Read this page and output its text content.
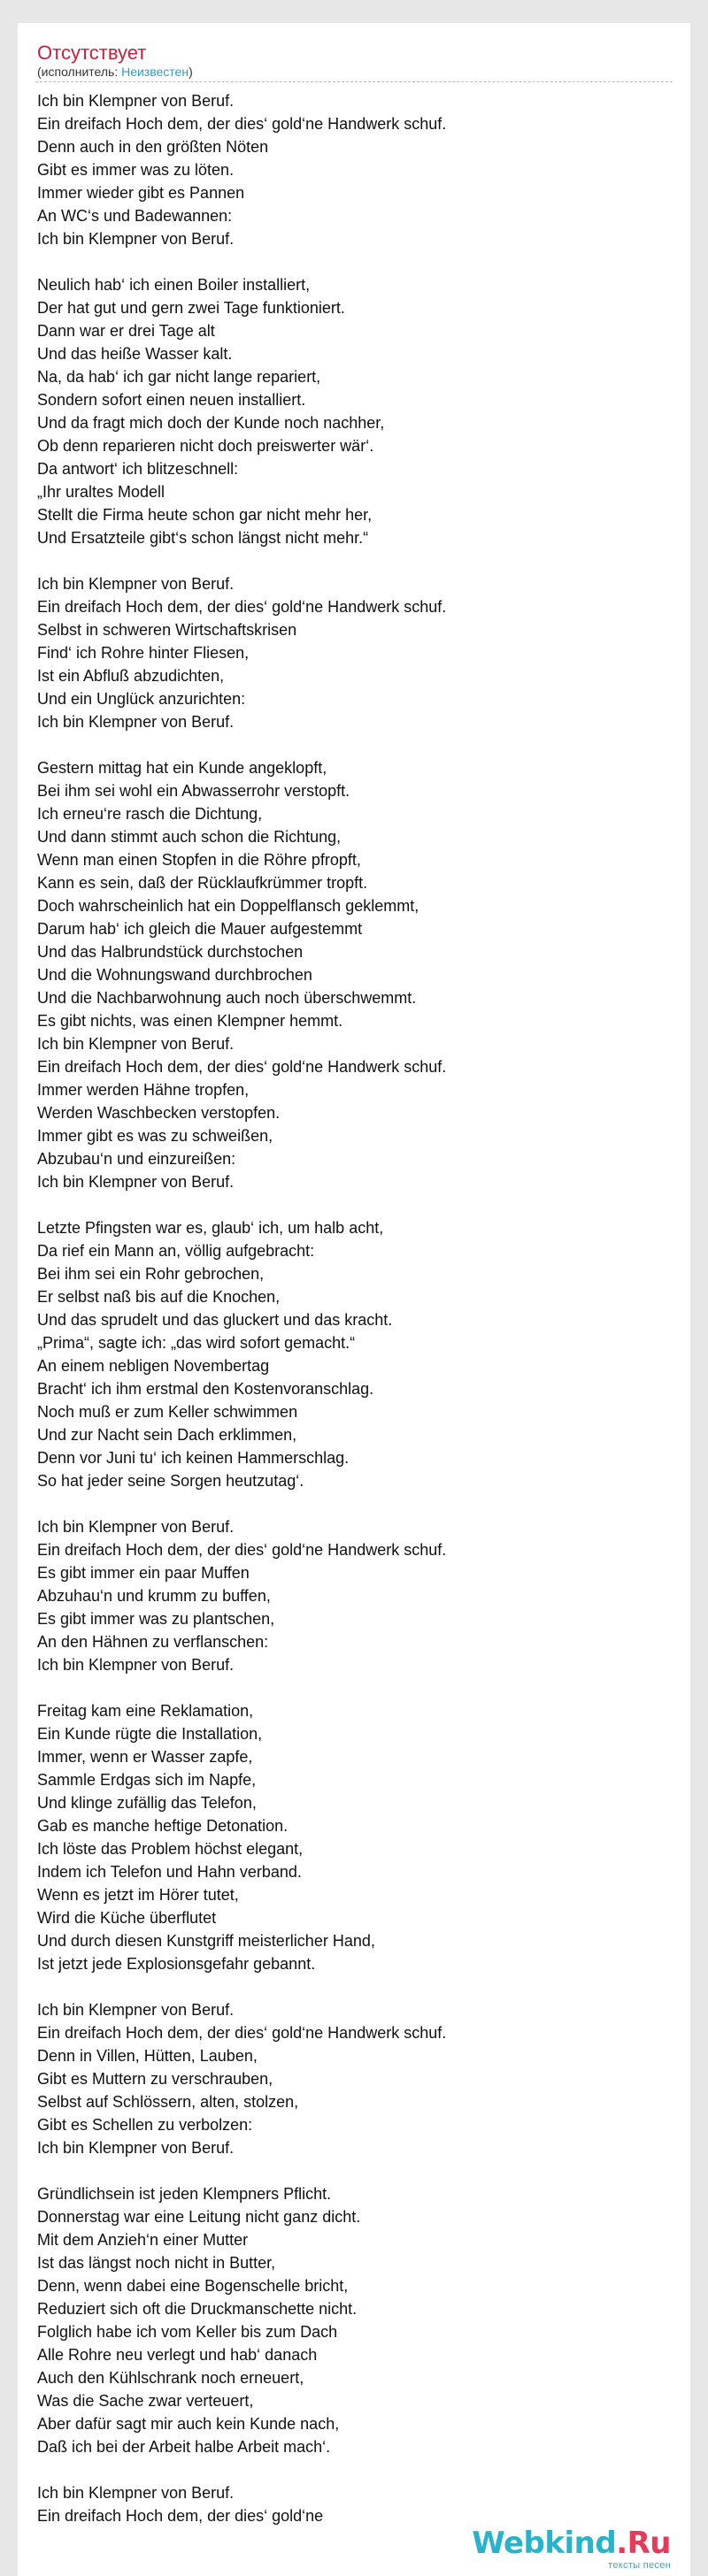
Отсутствует
(исполнитель: Неизвестен)
Ich bin Klempner von Beruf.
Ein dreifach Hoch dem, der dies‘ gold‘ne Handwerk schuf.
Denn auch in den größten Nöten
Gibt es immer was zu löten.
Immer wieder gibt es Pannen
An WC‘s und Badewannen:
Ich bin Klempner von Beruf.
Neulich hab‘ ich einen Boiler installiert,
Der hat gut und gern zwei Tage funktioniert.
Dann war er drei Tage alt
Und das heiße Wasser kalt.
Na, da hab‘ ich gar nicht lange repariert,
Sondern sofort einen neuen installiert.
Und da fragt mich doch der Kunde noch nachher,
Ob denn reparieren nicht doch preiswerter wär‘.
Da antwort‘ ich blitzeschnell:
„Ihr uraltes Modell
Stellt die Firma heute schon gar nicht mehr her,
Und Ersatzteile gibt‘s schon längst nicht mehr.“
Ich bin Klempner von Beruf.
Ein dreifach Hoch dem, der dies‘ gold‘ne Handwerk schuf.
Selbst in schweren Wirtschaftskrisen
Find‘ ich Rohre hinter Fliesen,
Ist ein Abfluß abzudichten,
Und ein Unglück anzurichten:
Ich bin Klempner von Beruf.
Gestern mittag hat ein Kunde angeklopft,
Bei ihm sei wohl ein Abwasserrohr verstopft.
Ich erneu‘re rasch die Dichtung,
Und dann stimmt auch schon die Richtung,
Wenn man einen Stopfen in die Röhre pfropft,
Kann es sein, daß der Rücklaufkrümmer tropft.
Doch wahrscheinlich hat ein Doppelflansch geklemmt,
Darum hab‘ ich gleich die Mauer aufgestemmt
Und das Halbrundstück durchstochen
Und die Wohnungswand durchbrochen
Und die Nachbarwohnung auch noch überschwemmt.
Es gibt nichts, was einen Klempner hemmt.
Ich bin Klempner von Beruf.
Ein dreifach Hoch dem, der dies‘ gold‘ne Handwerk schuf.
Immer werden Hähne tropfen,
Werden Waschbecken verstopfen.
Immer gibt es was zu schweißen,
Abzubau‘n und einzureißen:
Ich bin Klempner von Beruf.
Letzte Pfingsten war es, glaub‘ ich, um halb acht,
Da rief ein Mann an, völlig aufgebracht:
Bei ihm sei ein Rohr gebrochen,
Er selbst naß bis auf die Knochen,
Und das sprudelt und das gluckert und das kracht.
„Prima“, sagte ich: „das wird sofort gemacht.“
An einem nebligen Novembertag
Bracht‘ ich ihm erstmal den Kostenvoranschlag.
Noch muß er zum Keller schwimmen
Und zur Nacht sein Dach erklimmen,
Denn vor Juni tu‘ ich keinen Hammerschlag.
So hat jeder seine Sorgen heutzutag‘.
Ich bin Klempner von Beruf.
Ein dreifach Hoch dem, der dies‘ gold‘ne Handwerk schuf.
Es gibt immer ein paar Muffen
Abzuhau‘n und krumm zu buffen,
Es gibt immer was zu plantschen,
An den Hähnen zu verflanschen:
Ich bin Klempner von Beruf.
Freitag kam eine Reklamation,
Ein Kunde rügte die Installation,
Immer, wenn er Wasser zapfe,
Sammle Erdgas sich im Napfe,
Und klinge zufällig das Telefon,
Gab es manche heftige Detonation.
Ich löste das Problem höchst elegant,
Indem ich Telefon und Hahn verband.
Wenn es jetzt im Hörer tutet,
Wird die Küche überflutet
Und durch diesen Kunstgriff meisterlicher Hand,
Ist jetzt jede Explosionsgefahr gebannt.
Ich bin Klempner von Beruf.
Ein dreifach Hoch dem, der dies‘ gold‘ne Handwerk schuf.
Denn in Villen, Hütten, Lauben,
Gibt es Muttern zu verschrauben,
Selbst auf Schlössern, alten, stolzen,
Gibt es Schellen zu verbolzen:
Ich bin Klempner von Beruf.
Gründlichsein ist jeden Klempners Pflicht.
Donnerstag war eine Leitung nicht ganz dicht.
Mit dem Anzieh‘n einer Mutter
Ist das längst noch nicht in Butter,
Denn, wenn dabei eine Bogenschelle bricht,
Reduziert sich oft die Druckmanschette nicht.
Folglich habe ich vom Keller bis zum Dach
Alle Rohre neu verlegt und hab‘ danach
Auch den Kühlschrank noch erneuert,
Was die Sache zwar verteuert,
Aber dafür sagt mir auch kein Kunde nach,
Daß ich bei der Arbeit halbe Arbeit mach‘.
Ich bin Klempner von Beruf.
Ein dreifach Hoch dem, der dies‘ gold‘ne
Webkind.Ru
тексты песен
